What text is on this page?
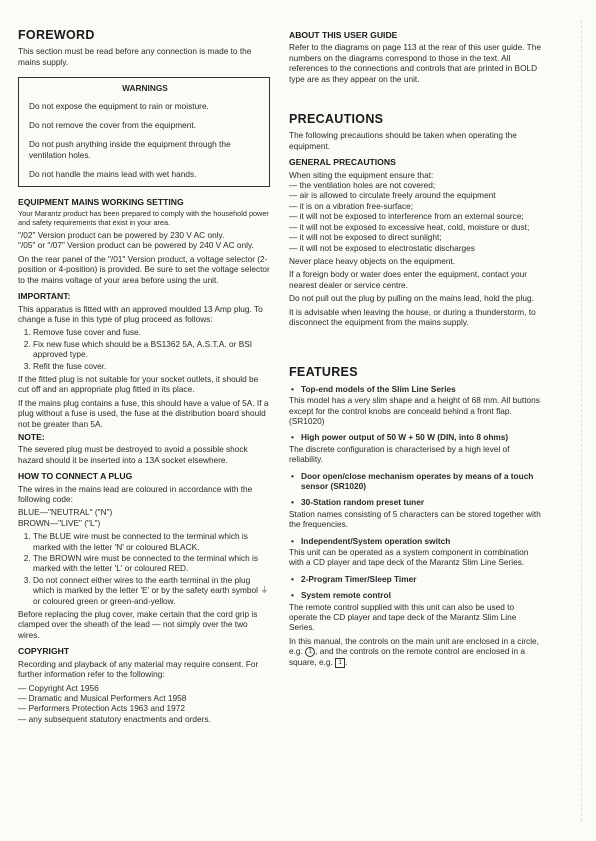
FOREWORD

This section must be read before any connection is made to the mains supply.

WARNINGS
Do not expose the equipment to rain or moisture.
Do not remove the cover from the equipment.
Do not push anything inside the equipment through the ventilation holes.
Do not handle the mains lead with wet hands.
EQUIPMENT MAINS WORKING SETTING

Your Marantz product has been prepared to comply with the household power and safety requirements that exist in your area.

"/02" Version product can be powered by 230 V AC only.

"/05" or "/07" Version product can be powered by 240 V AC only.

On the rear panel of the "/01" Version product, a voltage selector (2-position or 4-position) is provided. Be sure to set the voltage selector to the mains voltage of your area before using the unit.

IMPORTANT:

This apparatus is fitted with an approved moulded 13 Amp plug. To change a fuse in this type of plug proceed as follows:

1. Remove fuse cover and fuse.
2. Fix new fuse which should be a BS1362 5A, A.S.T.A. or BSI approved type.
3. Refit the fuse cover.

If the fitted plug is not suitable for your socket outlets, it should be cut off and an appropriate plug fitted in its place.

If the mains plug contains a fuse, this should have a value of 5A. If a plug without a fuse is used, the fuse at the distribution board should not be greater than 5A.

NOTE:

The severed plug must be destroyed to avoid a possible shock hazard should it be inserted into a 13A socket elsewhere.

HOW TO CONNECT A PLUG

The wires in the mains lead are coloured in accordance with the following code:

BLUE—"NEUTRAL" ("N")

BROWN—"LIVE" ("L")

1. The BLUE wire must be connected to the terminal which is marked with the letter 'N' or coloured BLACK.
2. The BROWN wire must be connected to the terminal which is marked with the letter 'L' or coloured RED.
3. Do not connect either wires to the earth terminal in the plug which is marked by the letter 'E' or by the safety earth symbol ⏚ or coloured green or green-and-yellow.

Before replacing the plug cover, make certain that the cord grip is clamped over the sheath of the lead — not simply over the two wires.

COPYRIGHT

Recording and playback of any material may require consent. For further information refer to the following:

— Copyright Act 1956
— Dramatic and Musical Performers Act 1958
— Performers Protection Acts 1963 and 1972
— any subsequent statutory enactments and orders.
ABOUT THIS USER GUIDE

Refer to the diagrams on page 113 at the rear of this user guide. The numbers on the diagrams correspond to those in the text. All references to the connections and controls that are printed in BOLD type are as they appear on the unit.

PRECAUTIONS

The following precautions should be taken when operating the equipment.

GENERAL PRECAUTIONS

When siting the equipment ensure that:

— the ventilation holes are not covered;
— air is allowed to circulate freely around the equipment
— it is on a vibration free-surface;
— it will not be exposed to interference from an external source;
— it will not be exposed to excessive heat, cold, moisture or dust;
— it will not be exposed to direct sunlight;
— it will not be exposed to electrostatic discharges

Never place heavy objects on the equipment.

If a foreign body or water does enter the equipment, contact your nearest dealer or service centre.

Do not pull out the plug by pulling on the mains lead, hold the plug.

It is advisable when leaving the house, or during a thunderstorm, to disconnect the equipment from the mains supply.

FEATURES
• Top-end models of the Slim Line Series

This model has a very slim shape and a height of 68 mm. All buttons except for the control knobs are conceald behind a front flap. (SR1020)

• High power output of 50 W + 50 W (DIN, into 8 ohms)

The discrete configuration is characterised by a high level of reliability.

• Door open/close mechanism operates by means of a touch sensor (SR1020)
• 30-Station random preset tuner

Station names consisting of 5 characters can be stored together with the frequencies.

• Independent/System operation switch

This unit can be operated as a system component in combination with a CD player and tape deck of the Marantz Slim Line Series.

• 2-Program Timer/Sleep Timer
• System remote control

The remote control supplied with this unit can also be used to operate the CD player and tape deck of the Marantz Slim Line Series.

In this manual, the controls on the main unit are enclosed in a circle, e.g. 1 , and the controls on the remote control are enclosed in a square, e.g. 1 .
